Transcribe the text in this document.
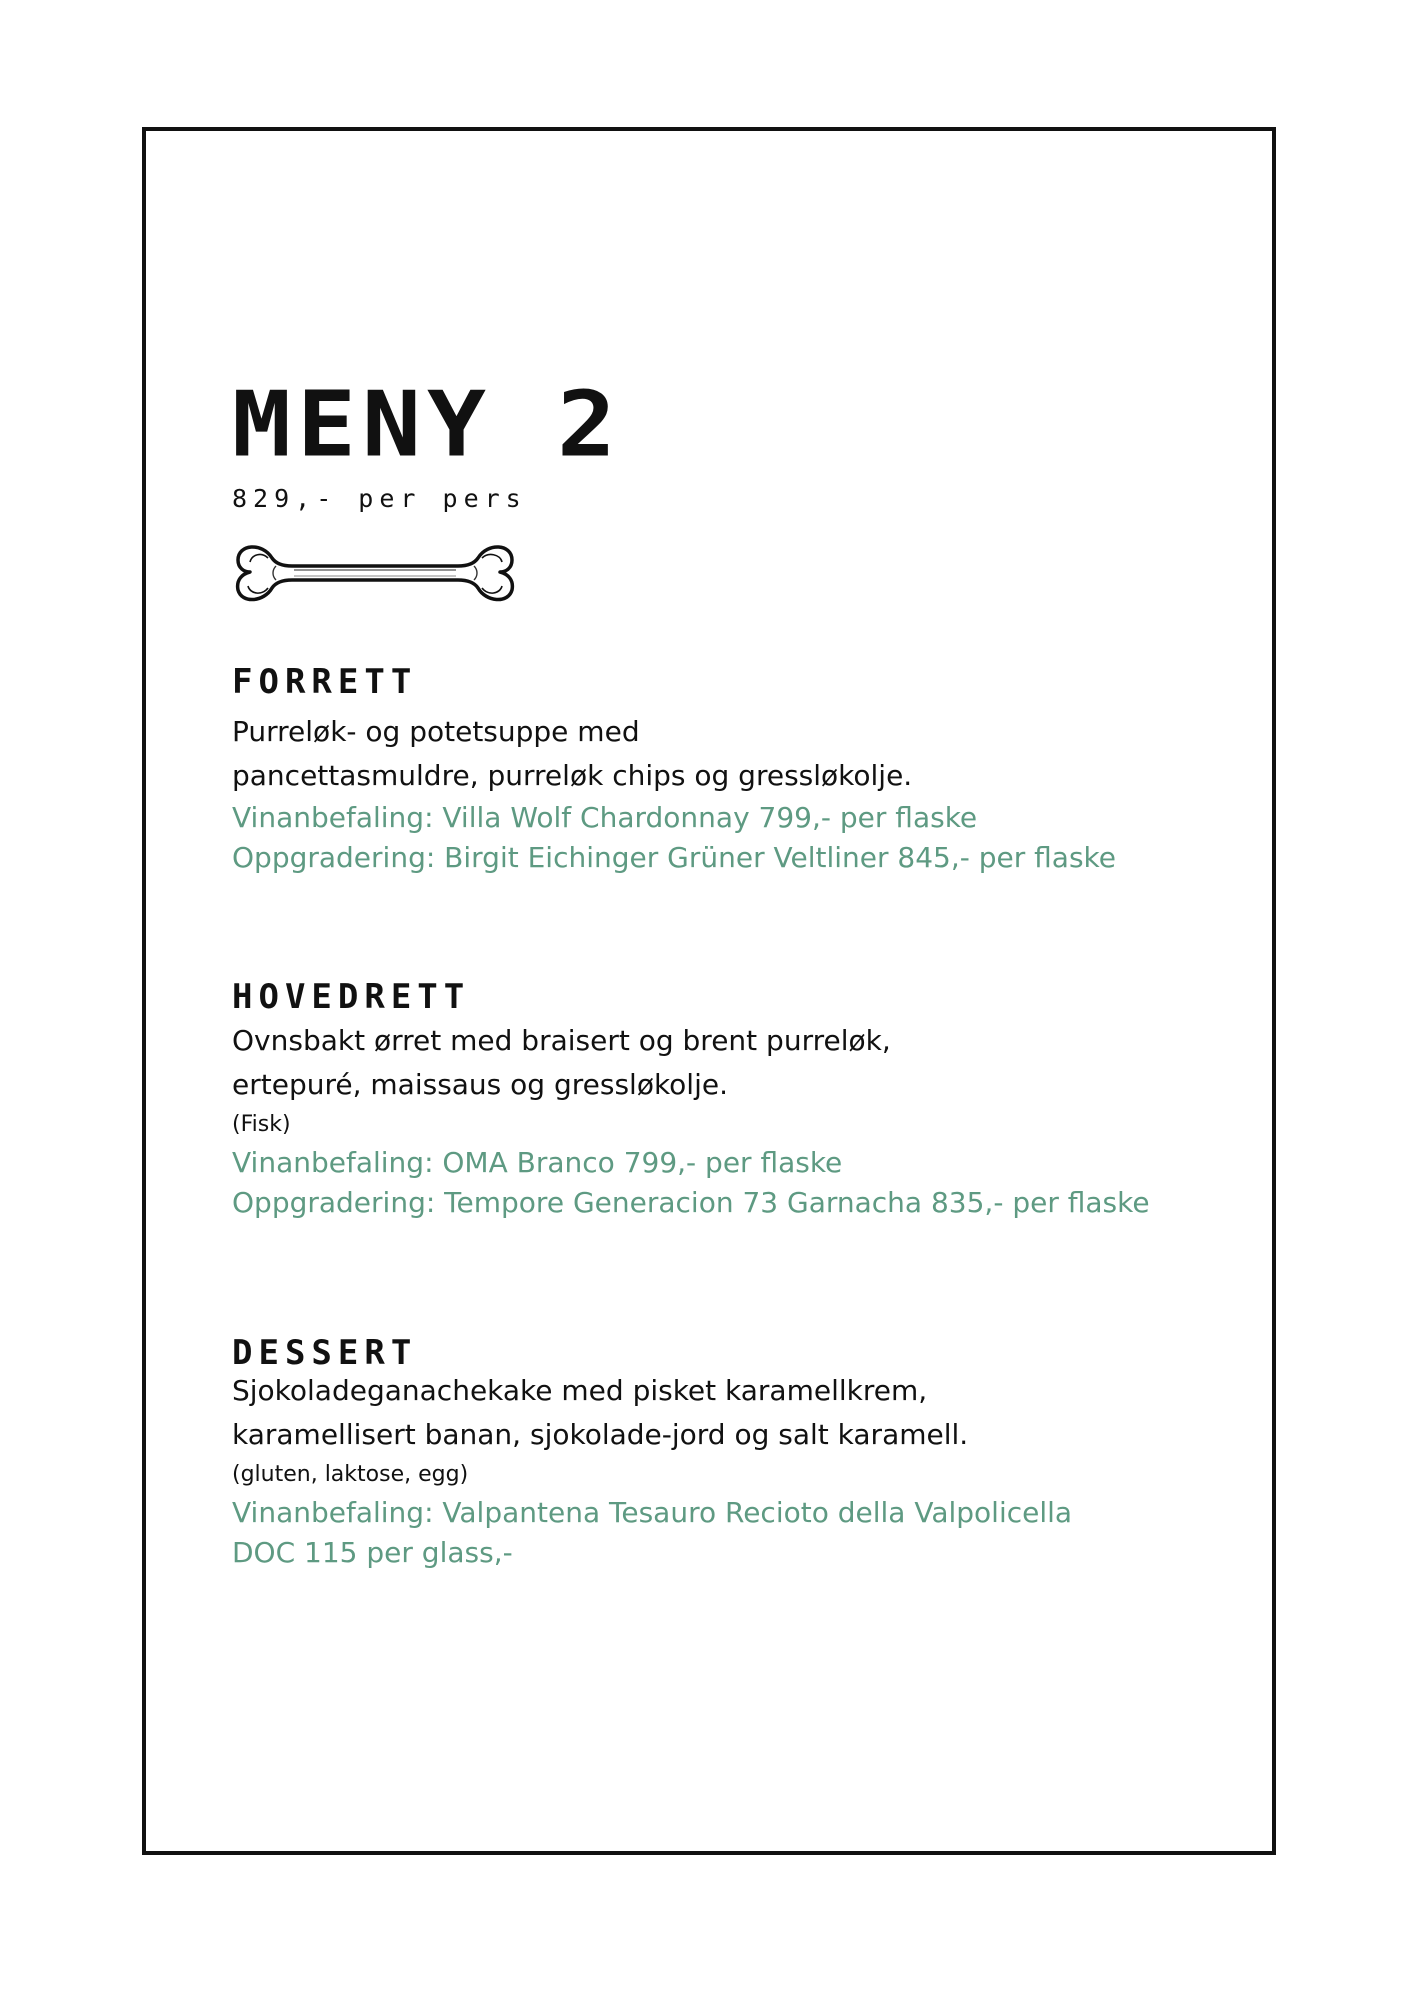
MENY 2
829,- per pers
FORRETT

Purreløk- og potetsuppe med

pancettasmuldre, purreløk chips og gressløkolje.

Vinanbefaling: Villa Wolf Chardonnay 799,- per flaske

Oppgradering: Birgit Eichinger Grüner Veltliner 845,- per flaske

HOVEDRETT

Ovnsbakt ørret med braisert og brent purreløk,

ertepuré, maissaus og gressløkolje.

(Fisk)

Vinanbefaling: OMA Branco 799,- per flaske

Oppgradering: Tempore Generacion 73 Garnacha 835,- per flaske

DESSERT

Sjokoladeganachekake med pisket karamellkrem,

karamellisert banan, sjokolade-jord og salt karamell.

(gluten, laktose, egg)

Vinanbefaling: Valpantena Tesauro Recioto della Valpolicella

DOC 115 per glass,-
